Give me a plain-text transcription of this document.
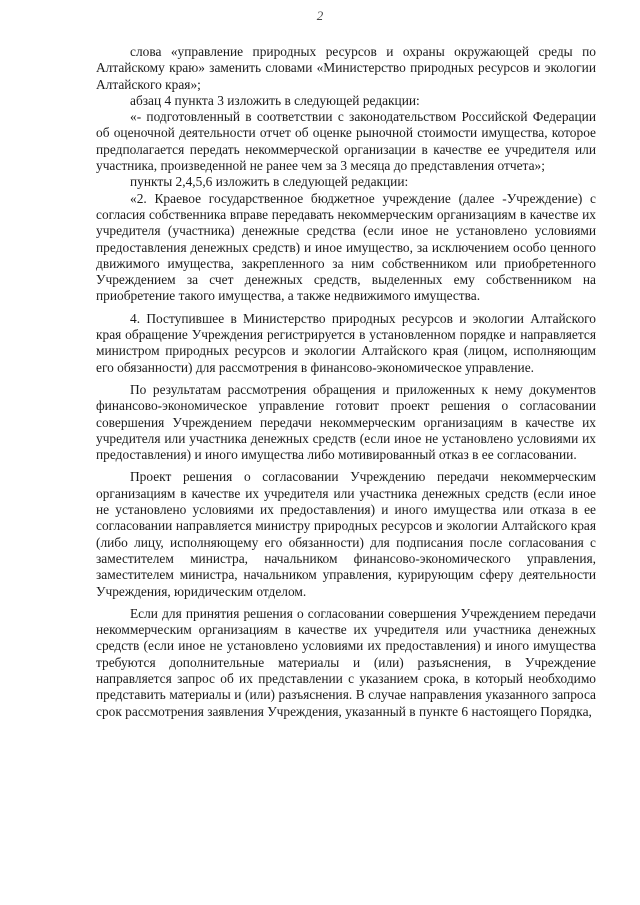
2

слова «управление природных ресурсов и охраны окружающей среды по Алтайскому краю» заменить словами «Министерство природных ресурсов и экологии Алтайского края»;

абзац 4 пункта 3 изложить в следующей редакции:

«- подготовленный в соответствии с законодательством Российской Федерации об оценочной деятельности отчет об оценке рыночной стоимости имущества, которое предполагается передать некоммерческой организации в качестве ее учредителя или участника, произведенной не ранее чем за 3 месяца до представления отчета»;

пункты 2,4,5,6 изложить в следующей редакции:

«2. Краевое государственное бюджетное учреждение (далее -Учреждение) с согласия собственника вправе передавать некоммерческим организациям в качестве их учредителя (участника) денежные средства (если иное не установлено условиями предоставления денежных средств) и иное имущество, за исключением особо ценного движимого имущества, закрепленного за ним собственником или приобретенного Учреждением за счет денежных средств, выделенных ему собственником на приобретение такого имущества, а также недвижимого имущества.

4. Поступившее в Министерство природных ресурсов и экологии Алтайского края обращение Учреждения регистрируется в установленном порядке и направляется министром природных ресурсов и экологии Алтайского края (лицом, исполняющим его обязанности) для рассмотрения в финансово-экономическое управление.

По результатам рассмотрения обращения и приложенных к нему документов финансово-экономическое управление готовит проект решения о согласовании совершения Учреждением передачи некоммерческим организациям в качестве их учредителя или участника денежных средств (если иное не установлено условиями их предоставления) и иного имущества либо мотивированный отказ в ее согласовании.

Проект решения о согласовании Учреждению передачи некоммерческим организациям в качестве их учредителя или участника денежных средств (если иное не установлено условиями их предоставления) и иного имущества или отказа в ее согласовании направляется министру природных ресурсов и экологии Алтайского края (либо лицу, исполняющему его обязанности) для подписания после согласования с заместителем министра, начальником финансово-экономического управления, заместителем министра, начальником управления, курирующим сферу деятельности Учреждения, юридическим отделом.

Если для принятия решения о согласовании совершения Учреждением передачи некоммерческим организациям в качестве их учредителя или участника денежных средств (если иное не установлено условиями их предоставления) и иного имущества требуются дополнительные материалы и (или) разъяснения, в Учреждение направляется запрос об их представлении с указанием срока, в который необходимо представить материалы и (или) разъяснения. В случае направления указанного запроса срок рассмотрения заявления Учреждения, указанный в пункте 6 настоящего Порядка,
